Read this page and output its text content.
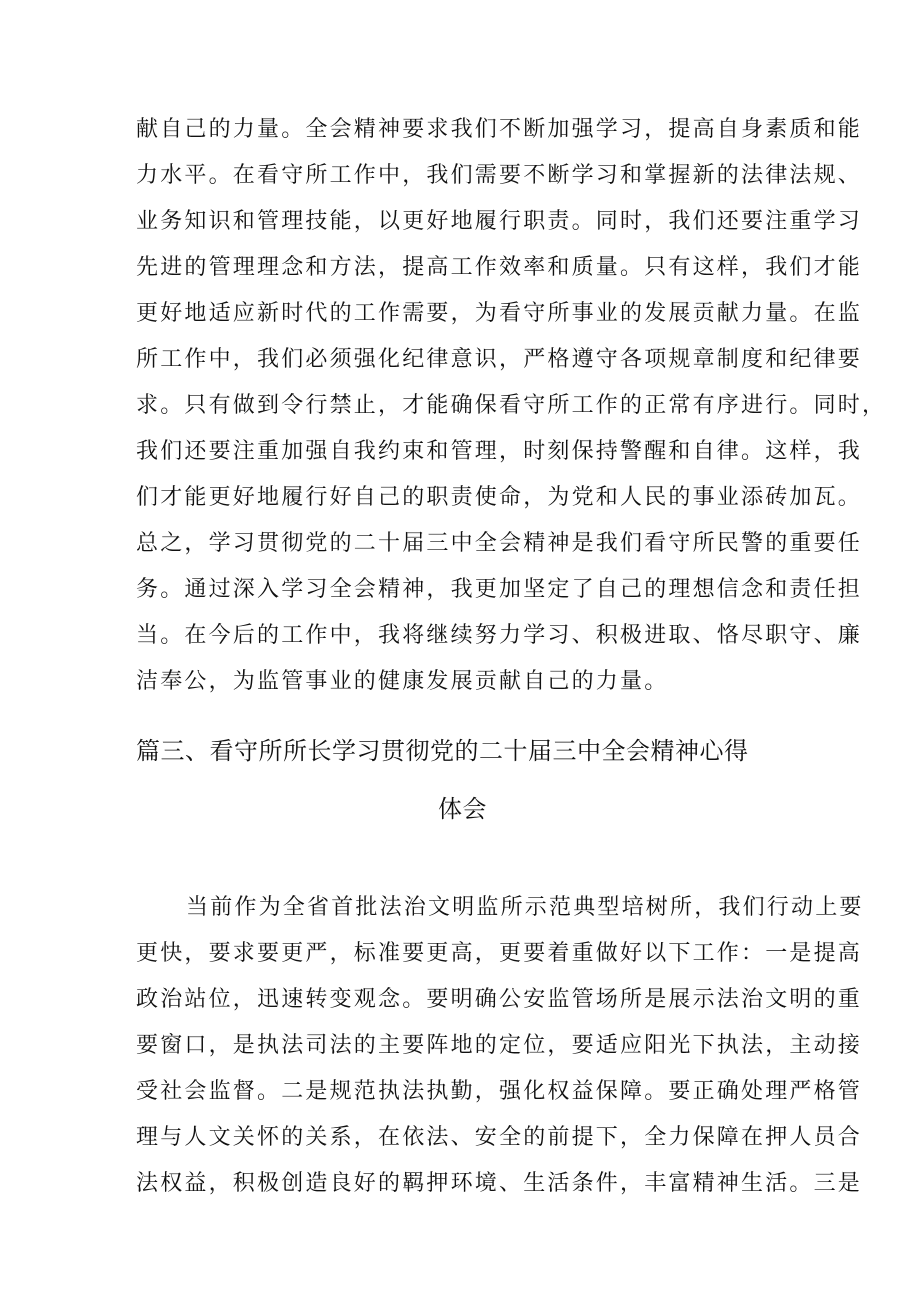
献自己的力量。全会精神要求我们不断加强学习，提高自身素质和能
力水平。在看守所工作中，我们需要不断学习和掌握新的法律法规、
业务知识和管理技能，以更好地履行职责。同时，我们还要注重学习
先进的管理理念和方法，提高工作效率和质量。只有这样，我们才能
更好地适应新时代的工作需要，为看守所事业的发展贡献力量。在监
所工作中，我们必须强化纪律意识，严格遵守各项规章制度和纪律要
求。只有做到令行禁止，才能确保看守所工作的正常有序进行。同时，
我们还要注重加强自我约束和管理，时刻保持警醒和自律。这样，我
们才能更好地履行好自己的职责使命，为党和人民的事业添砖加瓦。
总之，学习贯彻党的二十届三中全会精神是我们看守所民警的重要任
务。通过深入学习全会精神，我更加坚定了自己的理想信念和责任担
当。在今后的工作中，我将继续努力学习、积极进取、恪尽职守、廉
洁奉公，为监管事业的健康发展贡献自己的力量。
篇三、看守所所长学习贯彻党的二十届三中全会精神心得
体会
当前作为全省首批法治文明监所示范典型培树所，我们行动上要
更快，要求要更严，标准要更高，更要着重做好以下工作：一是提高
政治站位，迅速转变观念。要明确公安监管场所是展示法治文明的重
要窗口，是执法司法的主要阵地的定位，要适应阳光下执法，主动接
受社会监督。二是规范执法执勤，强化权益保障。要正确处理严格管
理与人文关怀的关系，在依法、安全的前提下，全力保障在押人员合
法权益，积极创造良好的羁押环境、生活条件，丰富精神生活。三是
